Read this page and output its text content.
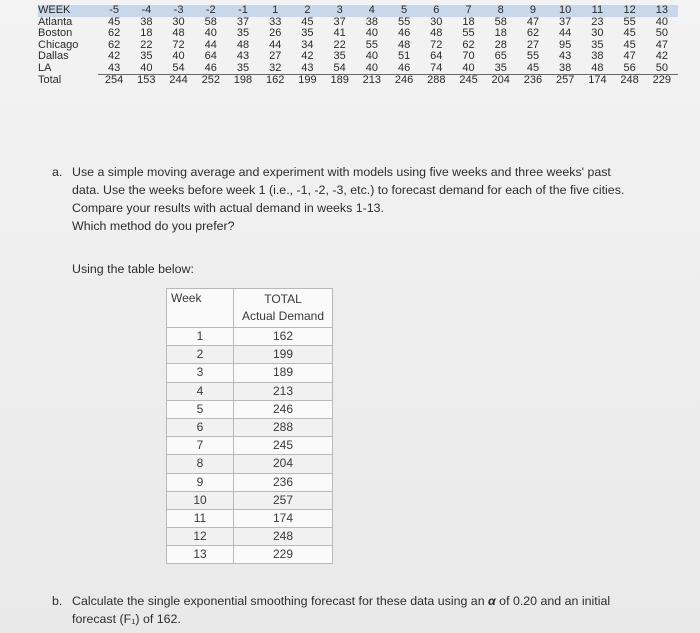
WEEK	-5	-4	-3	-2	-1	1	2	3	4	5	6	7	8	9	10	11	12	13
Atlanta	45	38	30	58	37	33	45	37	38	55	30	18	58	47	37	23	55	40
Boston	62	18	48	40	35	26	35	41	40	46	48	55	18	62	44	30	45	50
Chicago	62	22	72	44	48	44	34	22	55	48	72	62	28	27	95	35	45	47
Dallas	42	35	40	64	43	27	42	35	40	51	64	70	65	55	43	38	47	42
LA	43	40	54	46	35	32	43	54	40	46	74	40	35	45	38	48	56	50
Total	254	153	244	252	198	162	199	189	213	246	288	245	204	236	257	174	248	229
a. Use a simple moving average and experiment with models using five weeks and three weeks' past
data. Use the weeks before week 1 (i.e., -1, -2, -3, etc.) to forecast demand for each of the five cities.
Compare your results with actual demand in weeks 1-13.
Which method do you prefer?
Using the table below:
Week	TOTAL
Actual Demand
1	162
2	199
3	189
4	213
5	246
6	288
7	245
8	204
9	236
10	257
11	174
12	248
13	229
b. Calculate the single exponential smoothing forecast for these data using an α of 0.20 and an initial
forecast (F₁) of 162.
